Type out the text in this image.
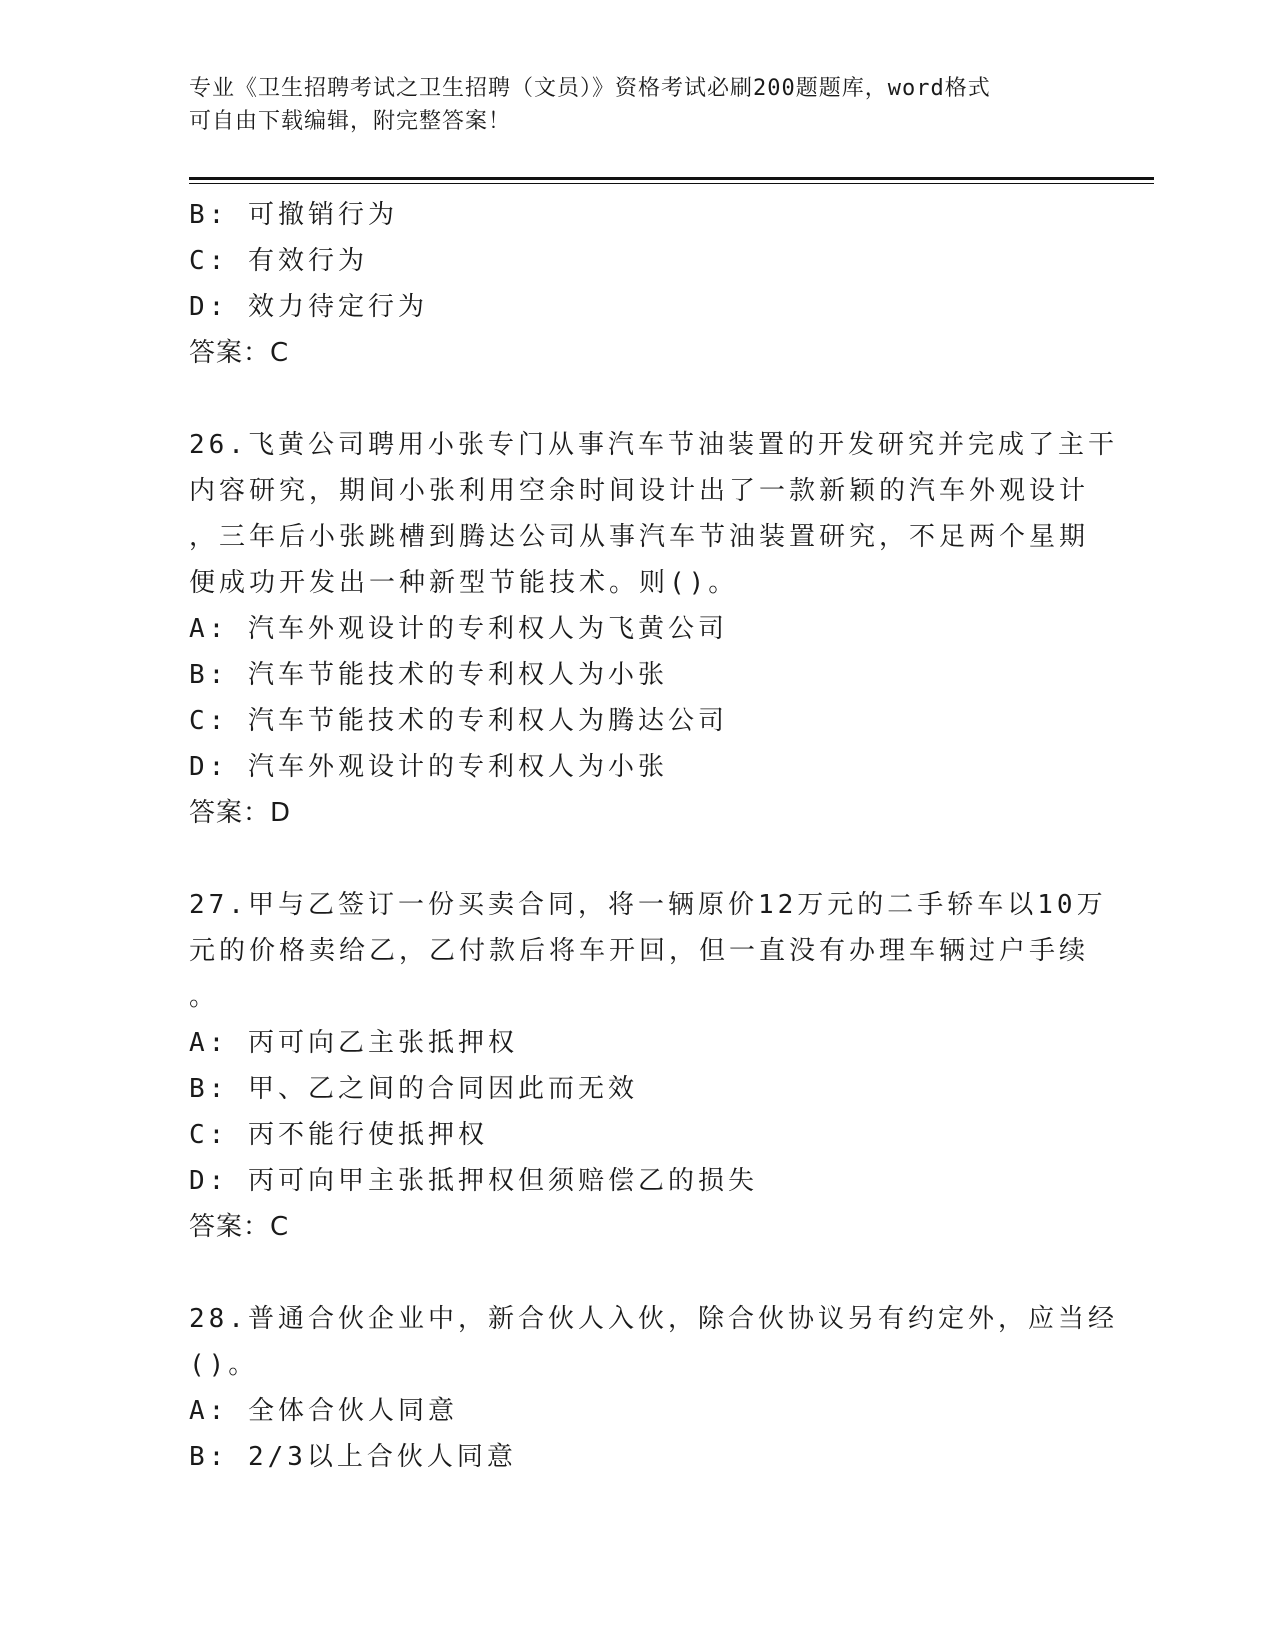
专业《卫生招聘考试之卫生招聘（文员）》资格考试必刷200题题库，word格式
可自由下载编辑，附完整答案！
B: 可撤销行为
C: 有效行为
D: 效力待定行为
答案：C
26.飞黄公司聘用小张专门从事汽车节油装置的开发研究并完成了主干
内容研究，期间小张利用空余时间设计出了一款新颖的汽车外观设计
，三年后小张跳槽到腾达公司从事汽车节油装置研究，不足两个星期
便成功开发出一种新型节能技术。则()。
A: 汽车外观设计的专利权人为飞黄公司
B: 汽车节能技术的专利权人为小张
C: 汽车节能技术的专利权人为腾达公司
D: 汽车外观设计的专利权人为小张
答案：D
27.甲与乙签订一份买卖合同，将一辆原价12万元的二手轿车以10万
元的价格卖给乙，乙付款后将车开回，但一直没有办理车辆过户手续
。
A: 丙可向乙主张抵押权
B: 甲、乙之间的合同因此而无效
C: 丙不能行使抵押权
D: 丙可向甲主张抵押权但须赔偿乙的损失
答案：C
28.普通合伙企业中，新合伙人入伙，除合伙协议另有约定外，应当经
()。
A: 全体合伙人同意
B: 2/3以上合伙人同意
